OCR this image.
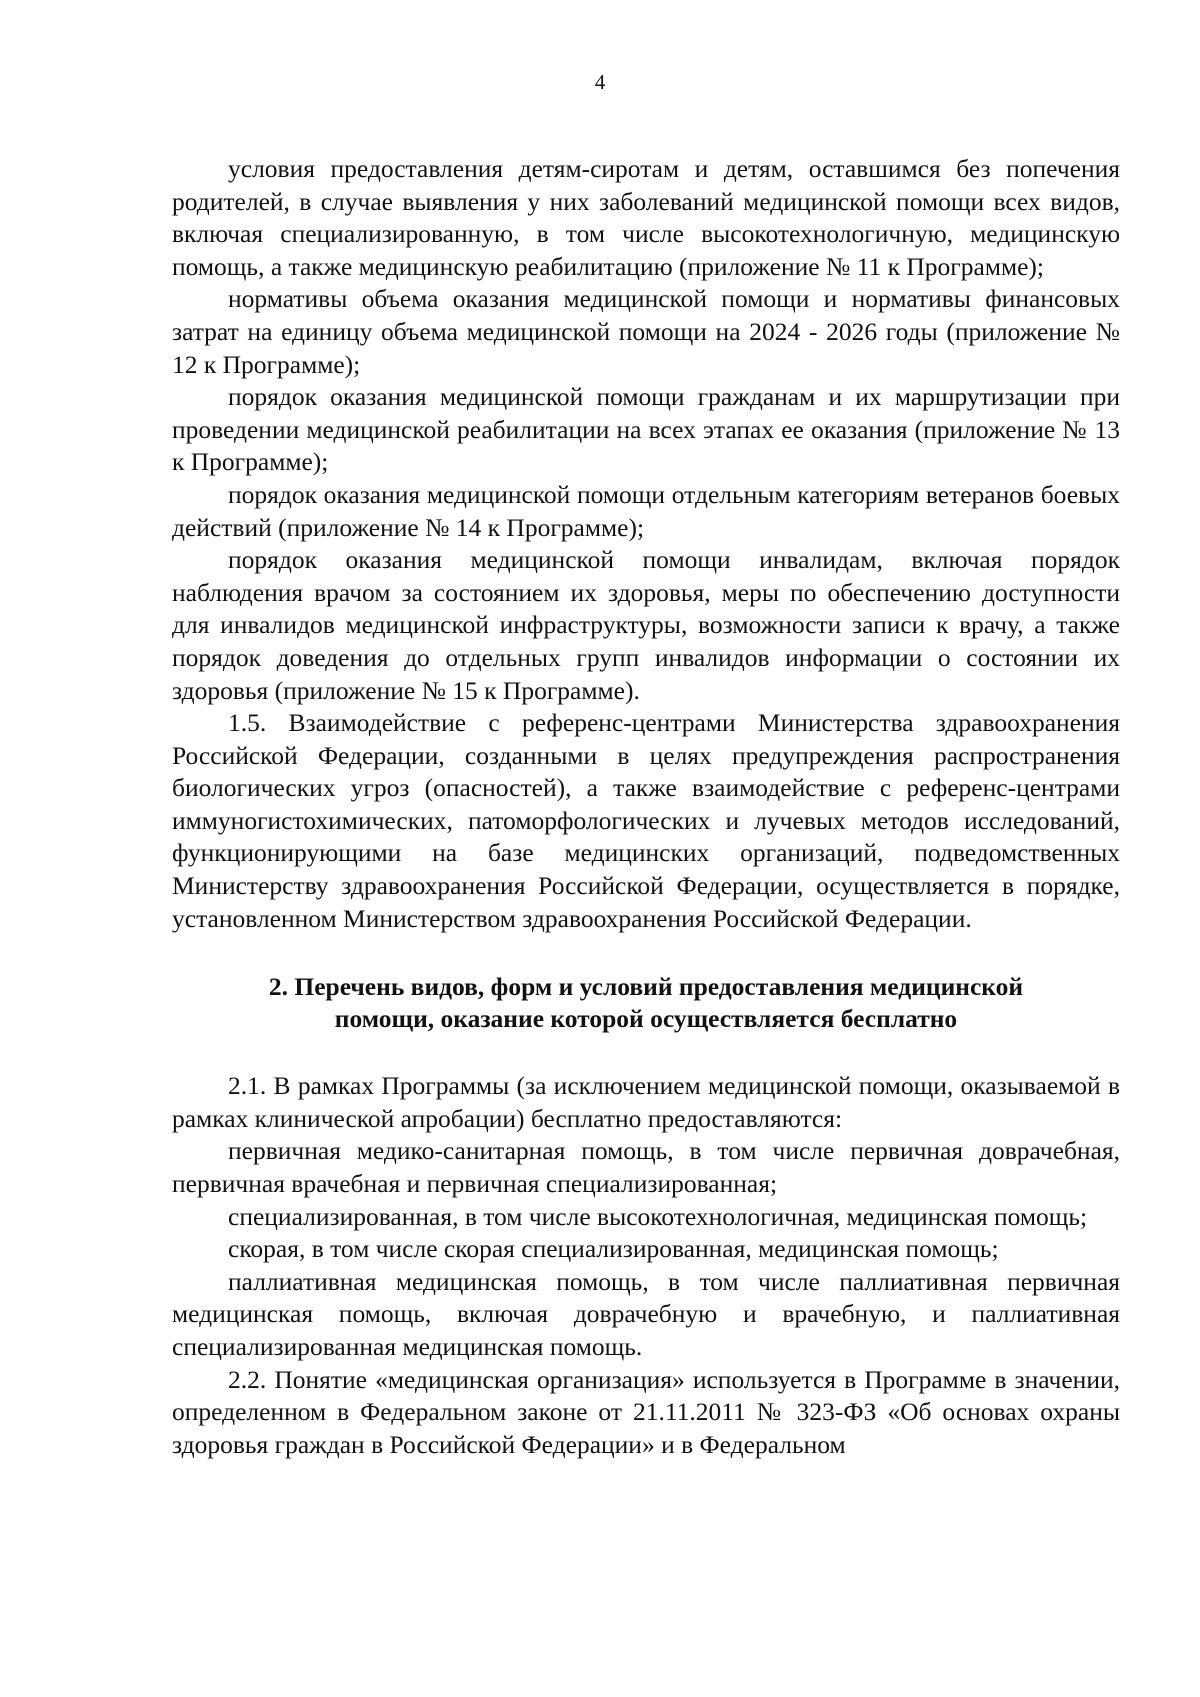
4

условия предоставления детям-сиротам и детям, оставшимся без попечения родителей, в случае выявления у них заболеваний медицинской помощи всех видов, включая специализированную, в том числе высокотехнологичную, медицинскую помощь, а также медицинскую реабилитацию (приложение № 11 к Программе);

нормативы объема оказания медицинской помощи и нормативы финансовых затрат на единицу объема медицинской помощи на 2024 - 2026 годы (приложение № 12 к Программе);

порядок оказания медицинской помощи гражданам и их маршрутизации при проведении медицинской реабилитации на всех этапах ее оказания (приложение № 13 к Программе);

порядок оказания медицинской помощи отдельным категориям ветеранов боевых действий (приложение № 14 к Программе);

порядок оказания медицинской помощи инвалидам, включая порядок наблюдения врачом за состоянием их здоровья, меры по обеспечению доступности для инвалидов медицинской инфраструктуры, возможности записи к врачу, а также порядок доведения до отдельных групп инвалидов информации о состоянии их здоровья (приложение № 15 к Программе).

1.5. Взаимодействие с референс-центрами Министерства здравоохранения Российской Федерации, созданными в целях предупреждения распространения биологических угроз (опасностей), а также взаимодействие с референс-центрами иммуногистохимических, патоморфологических и лучевых методов исследований, функционирующими на базе медицинских организаций, подведомственных Министерству здравоохранения Российской Федерации, осуществляется в порядке, установленном Министерством здравоохранения Российской Федерации.

2. Перечень видов, форм и условий предоставления медицинской
помощи, оказание которой осуществляется бесплатно

2.1. В рамках Программы (за исключением медицинской помощи, оказываемой в рамках клинической апробации) бесплатно предоставляются:

первичная медико-санитарная помощь, в том числе первичная доврачебная, первичная врачебная и первичная специализированная;

специализированная, в том числе высокотехнологичная, медицинская помощь;

скорая, в том числе скорая специализированная, медицинская помощь;

паллиативная медицинская помощь, в том числе паллиативная первичная медицинская помощь, включая доврачебную и врачебную, и паллиативная специализированная медицинская помощь.

2.2. Понятие «медицинская организация» используется в Программе в значении, определенном в Федеральном законе от 21.11.2011 № 323-ФЗ «Об основах охраны здоровья граждан в Российской Федерации» и в Федеральном
